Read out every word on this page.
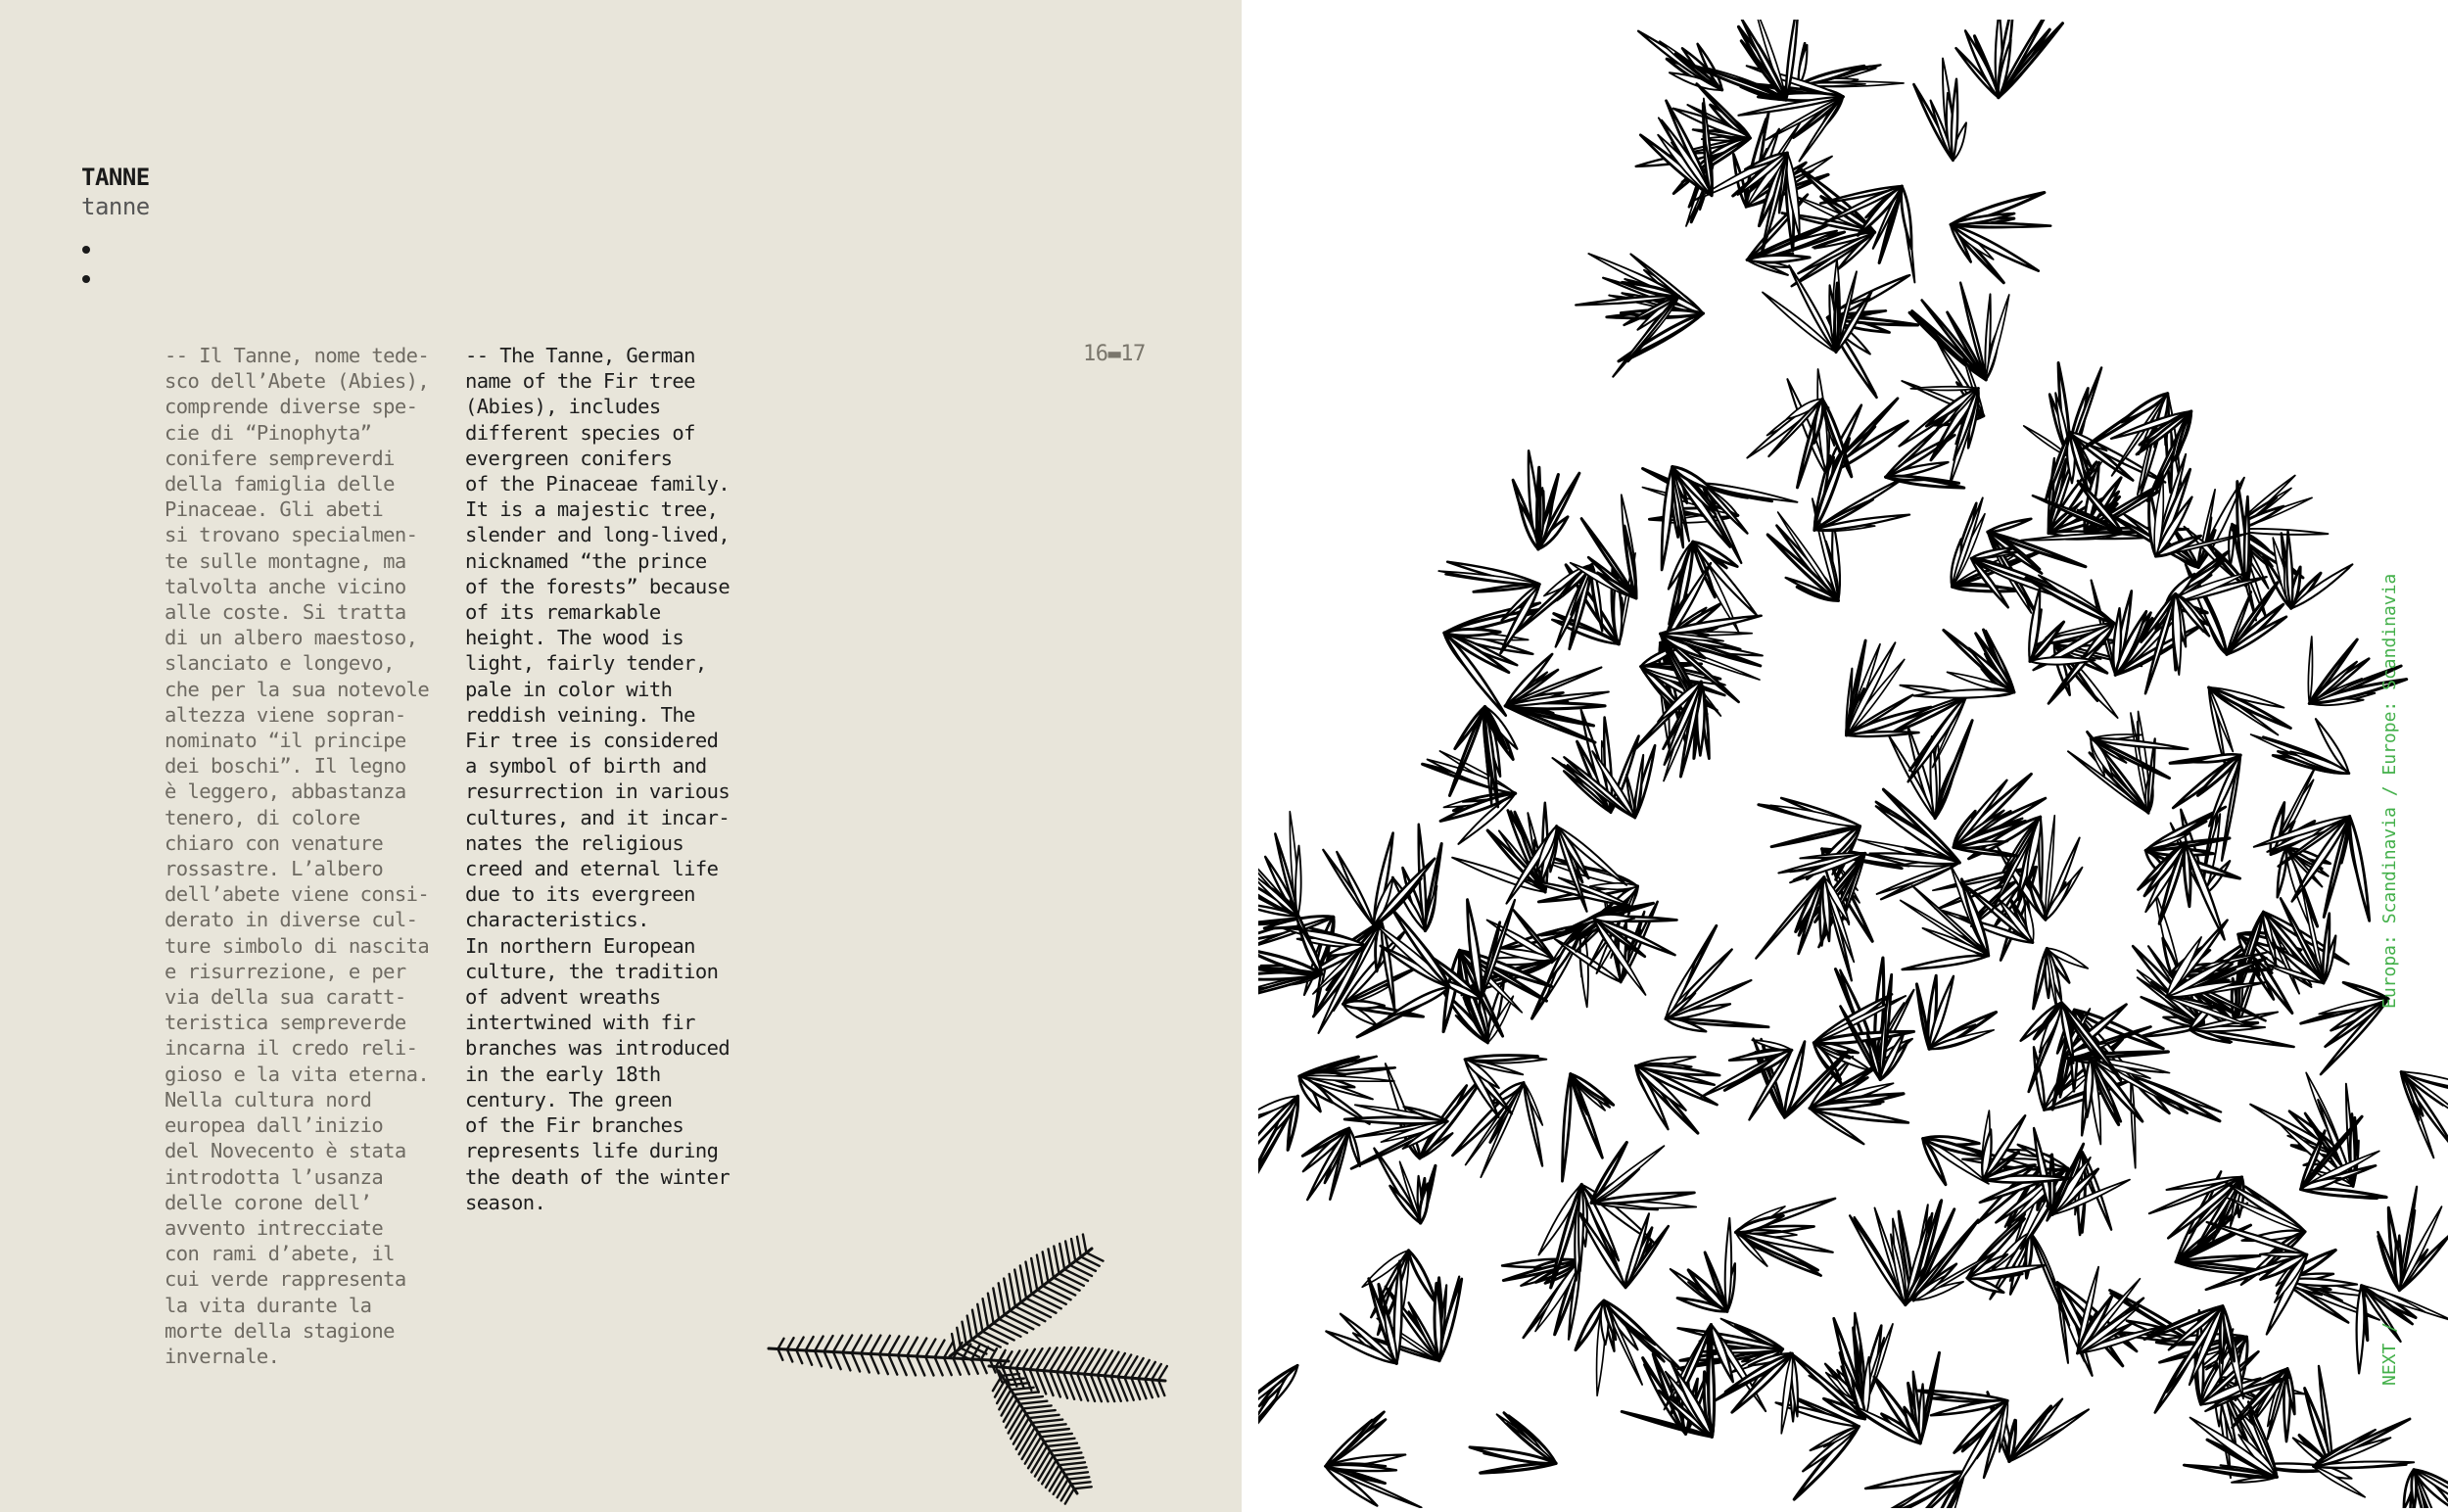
TANNE
tanne
-- Il Tanne, nome tede-
sco dell’Abete (Abies),
comprende diverse spe-
cie di “Pinophyta”
conifere sempreverdi
della famiglia delle
Pinaceae. Gli abeti
si trovano specialmen-
te sulle montagne, ma
talvolta anche vicino
alle coste. Si tratta
di un albero maestoso,
slanciato e longevo,
che per la sua notevole
altezza viene sopran-
nominato “il principe
dei boschi”. Il legno
è leggero, abbastanza
tenero, di colore
chiaro con venature
rossastre. L’albero
dell’abete viene consi-
derato in diverse cul-
ture simbolo di nascita
e risurrezione, e per
via della sua caratt-
teristica sempreverde
incarna il credo reli-
gioso e la vita eterna.
Nella cultura nord
europea dall’inizio
del Novecento è stata
introdotta l’usanza
delle corone dell’
avvento intrecciate
con rami d’abete, il
cui verde rappresenta
la vita durante la
morte della stagione
invernale.
-- The Tanne, German
name of the Fir tree
(Abies), includes
different species of
evergreen conifers
of the Pinaceae family.
It is a majestic tree,
slender and long-lived,
nicknamed “the prince
of the forests” because
of its remarkable
height. The wood is
light, fairly tender,
pale in color with
reddish veining. The
Fir tree is considered
a symbol of birth and
resurrection in various
cultures, and it incar-
nates the religious
creed and eternal life
due to its evergreen
characteristics.
In northern European
culture, the tradition
of advent wreaths
intertwined with fir
branches was introduced
in the early 18th
century. The green
of the Fir branches
represents life during
the death of the winter
season.
16▬17
Europa: Scandinavia / Europe: Scandinavia
NEXT /
